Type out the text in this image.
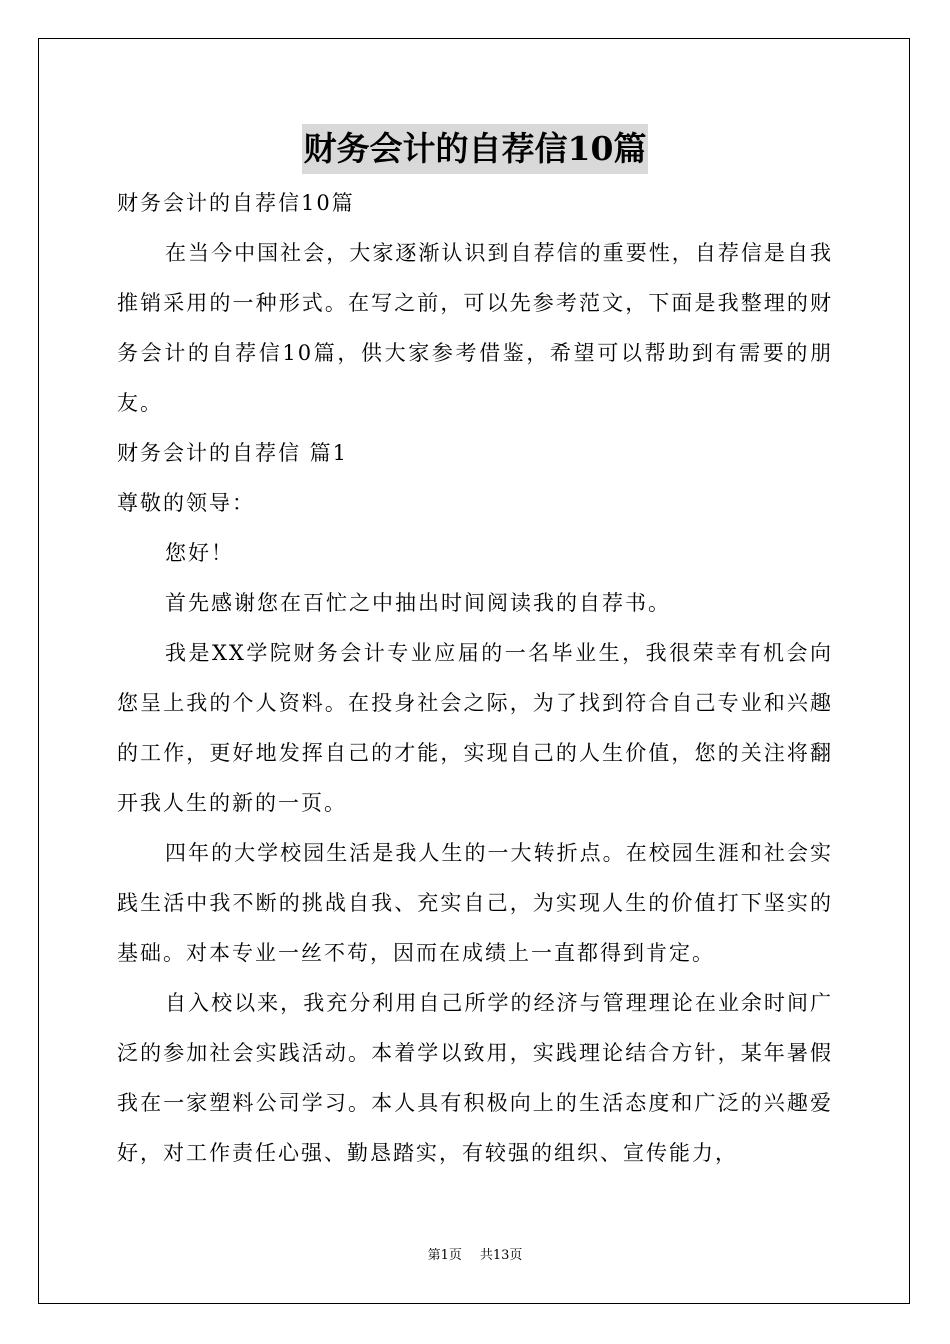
财务会计的自荐信10篇

财务会计的自荐信10篇

在当今中国社会，大家逐渐认识到自荐信的重要性，自荐信是自我推销采用的一种形式。在写之前，可以先参考范文，下面是我整理的财务会计的自荐信10篇，供大家参考借鉴，希望可以帮助到有需要的朋友。

财务会计的自荐信 篇1

尊敬的领导：

您好！

首先感谢您在百忙之中抽出时间阅读我的自荐书。

我是XX学院财务会计专业应届的一名毕业生，我很荣幸有机会向您呈上我的个人资料。在投身社会之际，为了找到符合自己专业和兴趣的工作，更好地发挥自己的才能，实现自己的人生价值，您的关注将翻开我人生的新的一页。

四年的大学校园生活是我人生的一大转折点。在校园生涯和社会实践生活中我不断的挑战自我、充实自己，为实现人生的价值打下坚实的基础。对本专业一丝不苟，因而在成绩上一直都得到肯定。

自入校以来，我充分利用自己所学的经济与管理理论在业余时间广泛的参加社会实践活动。本着学以致用，实践理论结合方针，某年暑假我在一家塑料公司学习。本人具有积极向上的生活态度和广泛的兴趣爱好，对工作责任心强、勤恳踏实，有较强的组织、宣传能力，

第1页 共13页
